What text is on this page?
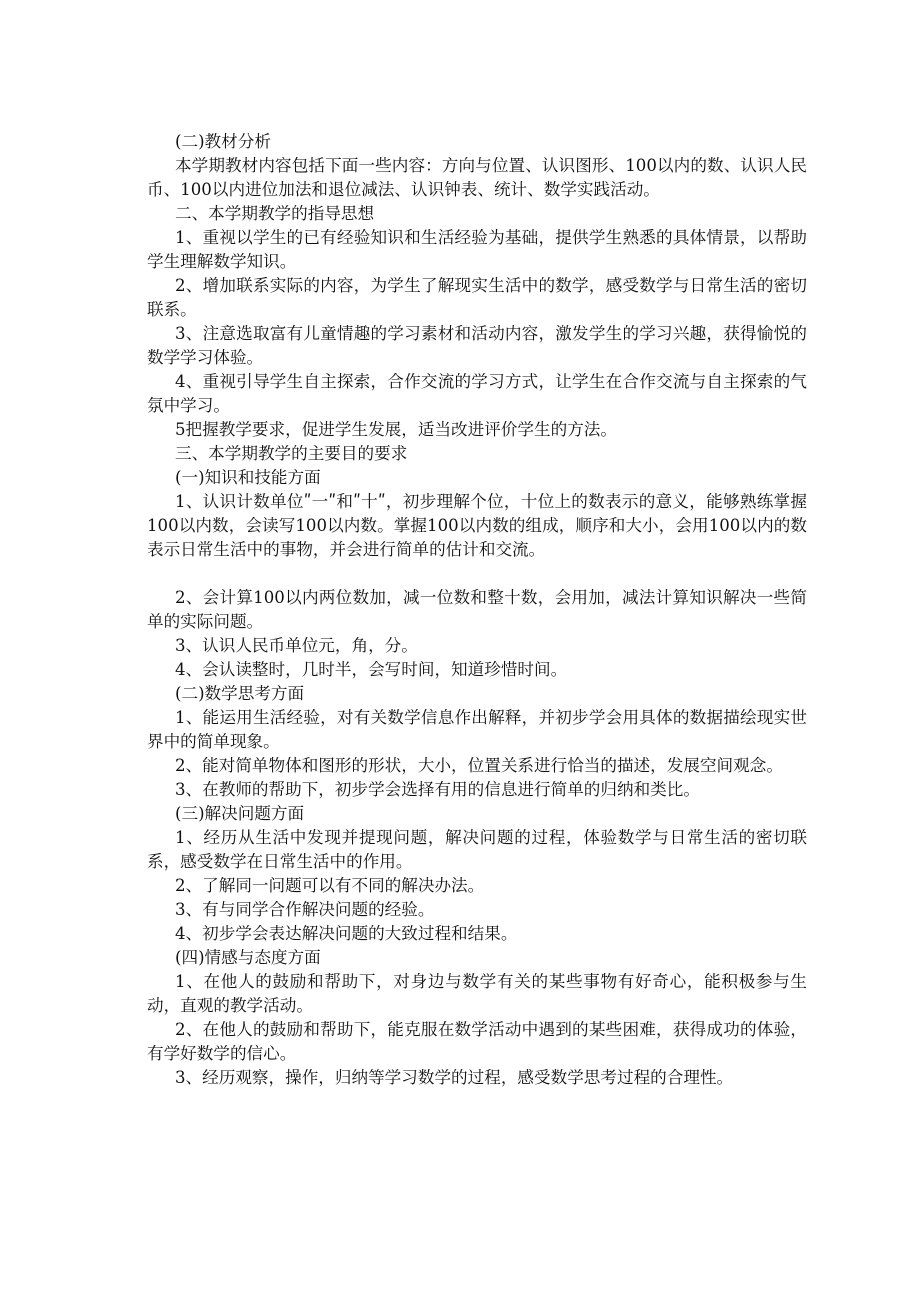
(二)教材分析

本学期教材内容包括下面一些内容：方向与位置、认识图形、100以内的数、认识人民币、100以内进位加法和退位减法、认识钟表、统计、数学实践活动。

二、本学期教学的指导思想

1、重视以学生的已有经验知识和生活经验为基础，提供学生熟悉的具体情景，以帮助学生理解数学知识。

2、增加联系实际的内容，为学生了解现实生活中的数学，感受数学与日常生活的密切联系。

3、注意选取富有儿童情趣的学习素材和活动内容，激发学生的学习兴趣，获得愉悦的数学学习体验。

4、重视引导学生自主探索，合作交流的学习方式，让学生在合作交流与自主探索的气氛中学习。

5把握教学要求，促进学生发展，适当改进评价学生的方法。

三、本学期教学的主要目的要求

(一)知识和技能方面

1、认识计数单位ʺ一ʺ和ʺ十ʺ，初步理解个位，十位上的数表示的意义，能够熟练掌握100以内数，会读写100以内数。掌握100以内数的组成，顺序和大小，会用100以内的数表示日常生活中的事物，并会进行简单的估计和交流。

2、会计算100以内两位数加，减一位数和整十数，会用加，减法计算知识解决一些简单的实际问题。

3、认识人民币单位元，角，分。

4、会认读整时，几时半，会写时间，知道珍惜时间。

(二)数学思考方面

1、能运用生活经验，对有关数学信息作出解释，并初步学会用具体的数据描绘现实世界中的简单现象。

2、能对简单物体和图形的形状，大小，位置关系进行恰当的描述，发展空间观念。

3、在教师的帮助下，初步学会选择有用的信息进行简单的归纳和类比。

(三)解决问题方面

1、经历从生活中发现并提现问题，解决问题的过程，体验数学与日常生活的密切联系，感受数学在日常生活中的作用。

2、了解同一问题可以有不同的解决办法。

3、有与同学合作解决问题的经验。

4、初步学会表达解决问题的大致过程和结果。

(四)情感与态度方面

1、在他人的鼓励和帮助下，对身边与数学有关的某些事物有好奇心，能积极参与生动，直观的教学活动。

2、在他人的鼓励和帮助下，能克服在数学活动中遇到的某些困难，获得成功的体验，有学好数学的信心。

3、经历观察，操作，归纳等学习数学的过程，感受数学思考过程的合理性。
